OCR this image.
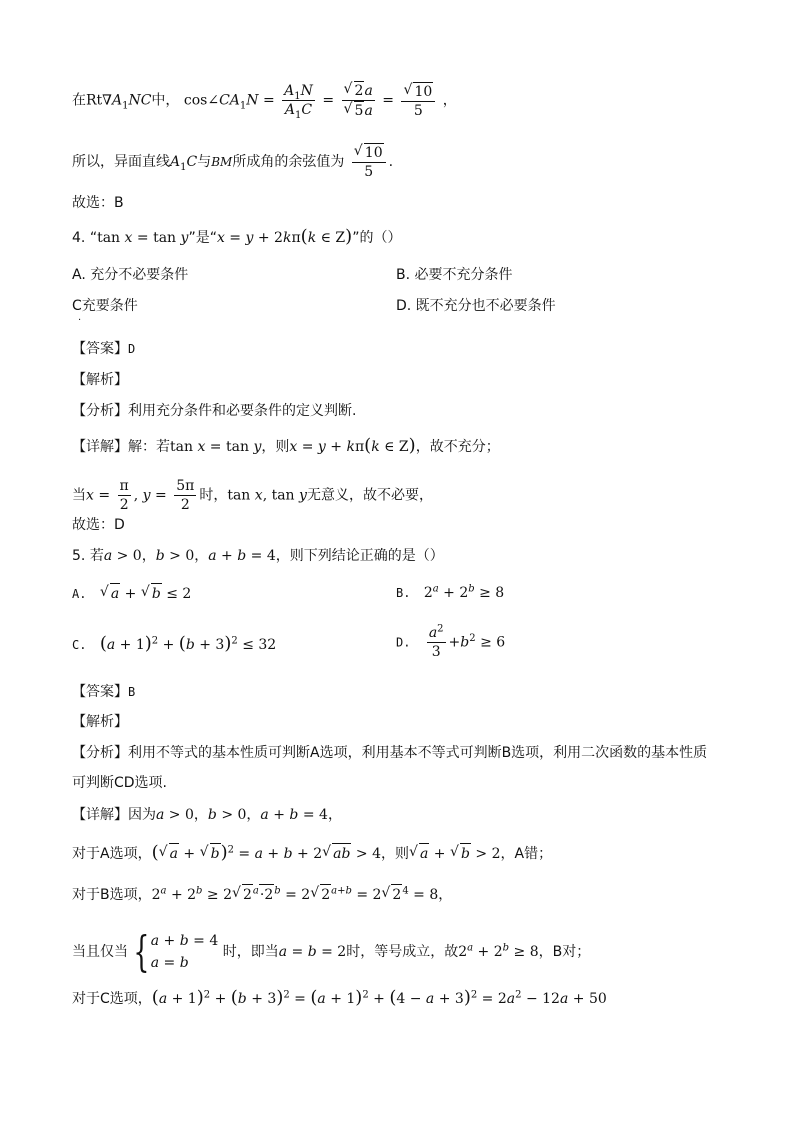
在$Rt\nabla A_1NC$中， $\cos\angle CA_1N = \frac{A_1N}{A_1C}$ =
√ 2a
√ 5a =
√ $\frac{10}{5}$ ，
所以，异面直线$A_1C$与BM所成角的余弦值为
√ $\frac{10}{5}$ .
故选：B
4. “tan x = tan y”是“x = y + 2kπ(k ∈ Z)”的（）
A. 充分不必要条件	B. 必要不充分条件
C充要条件
.
D. 既不充分也不必要条件
【答案】D
【解析】
【分析】利用充分条件和必要条件的定义判断.
【详解】解：若tan x = tan y，则x = y + kπ(k ∈ Z)，故不充分；
当$x = \frac{\pi}{2}$ , $y = \frac{5\pi}{2}$ 时，tan x, tan y无意义，故不必要，
故选：D
5. 若a > 0，b > 0，a + b = 4，则下列结论正确的是（）
A.   √ a + √ b ≤ 2	B. $2^a + 2^b \ge 8$
C. $(a + 1)^2 + (b + 3)^2 \le 32$	D. $\frac{a^2}{3} +b^2 \ge 6$
【答案】B
【解析】
【分析】利用不等式的基本性质可判断A选项，利用基本不等式可判断B选项，利用二次函数的基本性质
可判断CD选项.
【详解】因为a > 0，b > 0，a + b = 4，
对于A选项，(√ a + √ b)$^2$ = a + b + 2√ ab > 4，则√ a + √ b > 2，A错；
对于B选项，$2^a + 2^b \ge 2√$ $2^a\cdot 2^b = 2√$ $2^{a+b} = 2√$ $2^4 = 8$，
当且仅当 { a + b = 4
a = b
时，即当a = b = 2时，等号成立，故$2^a + 2^b \ge 8$，B对；
对于C选项，$(a + 1)^2 + (b + 3)^2 = (a + 1)^2 + (4 - a + 3)^2 = 2a^2 - 12a + 50$
